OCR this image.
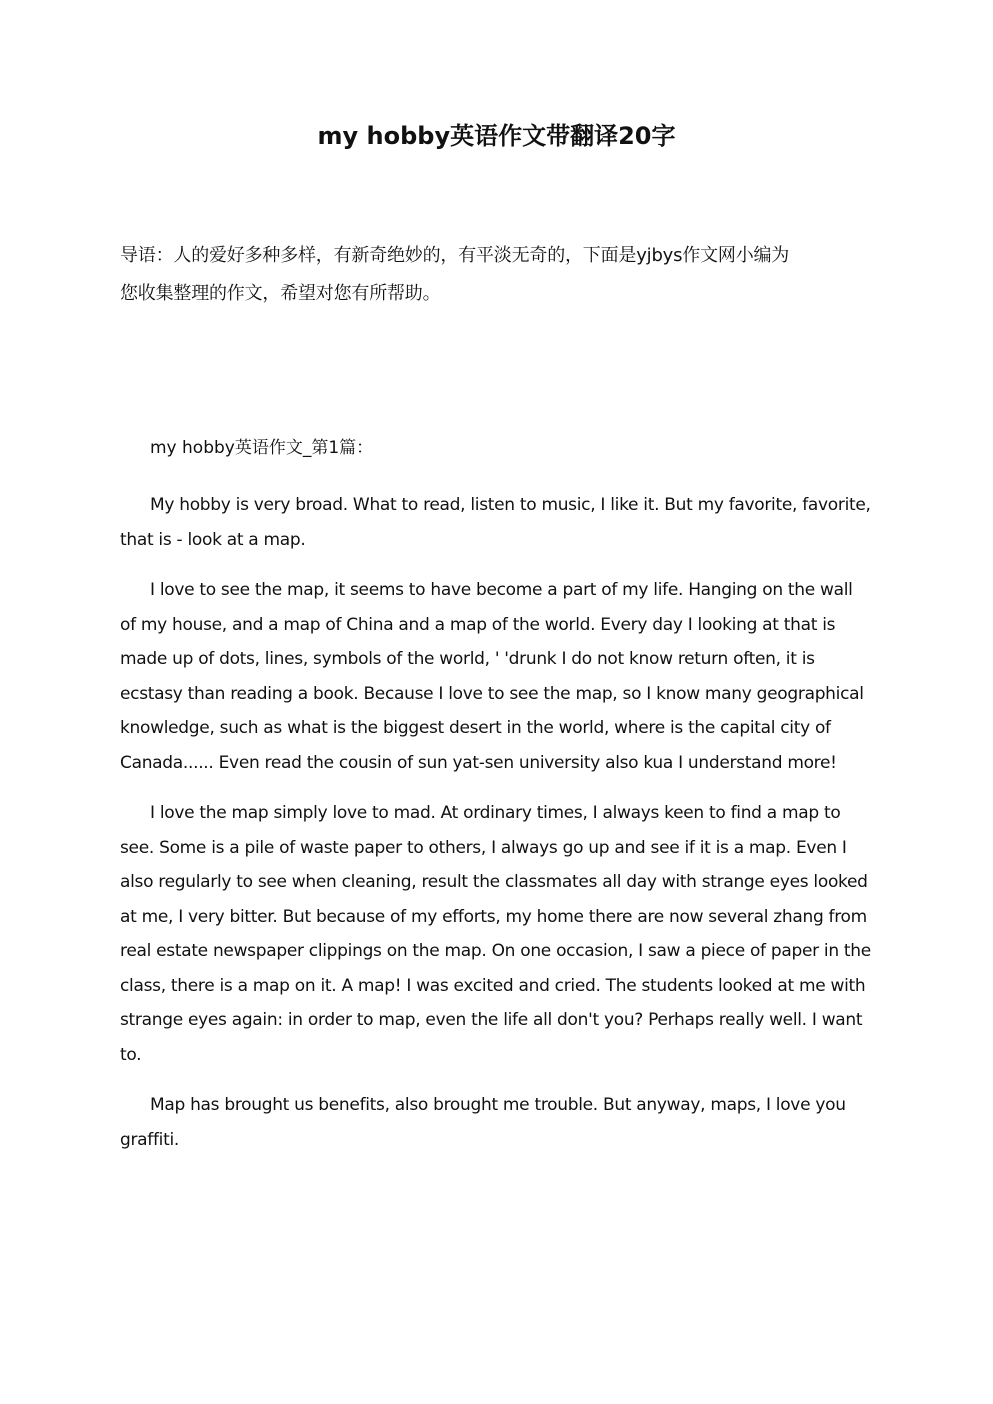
my hobby英语作文带翻译20字

导语：人的爱好多种多样，有新奇绝妙的，有平淡无奇的，下面是yjbys作文网小编为

您收集整理的作文，希望对您有所帮助。

my hobby英语作文_第1篇：

My hobby is very broad. What to read, listen to music, I like it. But my favorite, favorite, that is - look at a map.

I love to see the map, it seems to have become a part of my life. Hanging on the wall of my house, and a map of China and a map of the world. Every day I looking at that is made up of dots, lines, symbols of the world, ' 'drunk I do not know return often, it is ecstasy than reading a book. Because I love to see the map, so I know many geographical knowledge, such as what is the biggest desert in the world, where is the capital city of Canada...... Even read the cousin of sun yat-sen university also kua I understand more!

I love the map simply love to mad. At ordinary times, I always keen to find a map to see. Some is a pile of waste paper to others, I always go up and see if it is a map. Even I also regularly to see when cleaning, result the classmates all day with strange eyes looked at me, I very bitter. But because of my efforts, my home there are now several zhang from real estate newspaper clippings on the map. On one occasion, I saw a piece of paper in the class, there is a map on it. A map! I was excited and cried. The students looked at me with strange eyes again: in order to map, even the life all don't you? Perhaps really well. I want to.

Map has brought us benefits, also brought me trouble. But anyway, maps, I love you graffiti.
